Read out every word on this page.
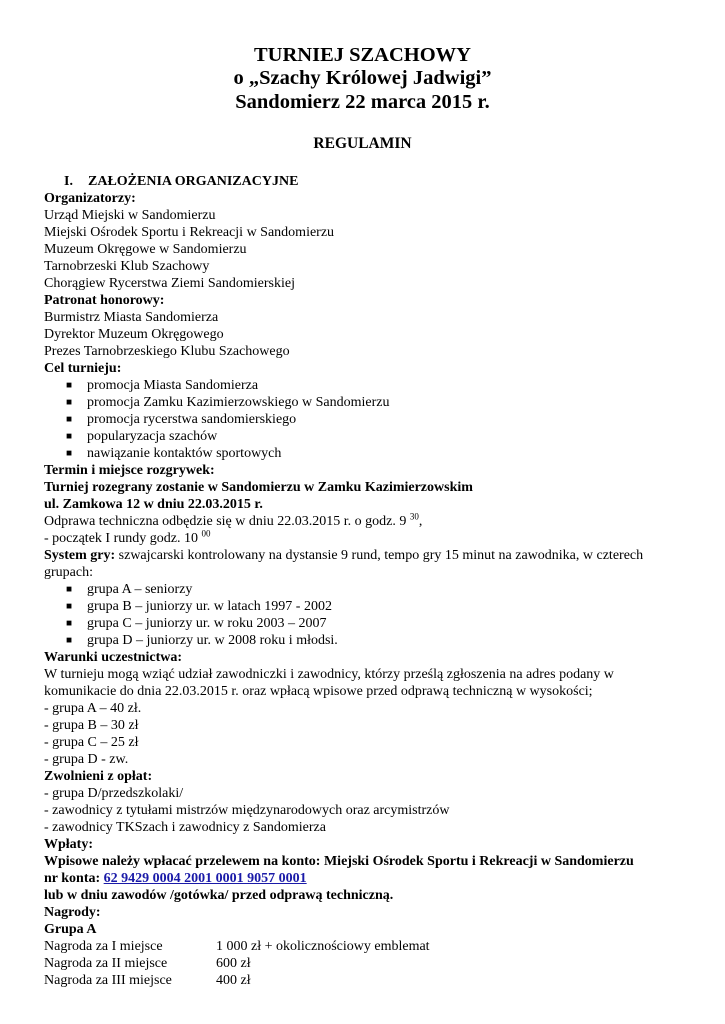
TURNIEJ SZACHOWY
o „Szachy Królowej Jadwigi”
Sandomierz 22 marca 2015 r.
REGULAMIN
I. ZAŁOŻENIA ORGANIZACYJNE
Organizatorzy:
Urząd Miejski w Sandomierzu
Miejski Ośrodek Sportu i Rekreacji w Sandomierzu
Muzeum Okręgowe w Sandomierzu
Tarnobrzeski Klub Szachowy
Chorągiew Rycerstwa Ziemi Sandomierskiej
Patronat honorowy:
Burmistrz Miasta Sandomierza
Dyrektor Muzeum Okręgowego
Prezes Tarnobrzeskiego Klubu Szachowego
Cel turnieju:
■ promocja Miasta Sandomierza
■ promocja Zamku Kazimierzowskiego w Sandomierzu
■ promocja rycerstwa sandomierskiego
■ popularyzacja szachów
■ nawiązanie kontaktów sportowych
Termin i miejsce rozgrywek:
Turniej rozegrany zostanie w Sandomierzu w Zamku Kazimierzowskim
ul. Zamkowa 12 w dniu 22.03.2015 r.
Odprawa techniczna odbędzie się w dniu 22.03.2015 r. o godz. 9 $^{30}$,
- początek I rundy godz. 10 $^{00}$
System gry: szwajcarski kontrolowany na dystansie 9 rund, tempo gry 15 minut na zawodnika, w czterech
grupach:
■ grupa A – seniorzy
■ grupa B – juniorzy ur. w latach 1997 - 2002
■ grupa C – juniorzy ur. w roku 2003 – 2007
■ grupa D – juniorzy ur. w 2008 roku i młodsi.
Warunki uczestnictwa:
W turnieju mogą wziąć udział zawodniczki i zawodnicy, którzy prześlą zgłoszenia na adres podany w
komunikacie do dnia 22.03.2015 r. oraz wpłacą wpisowe przed odprawą techniczną w wysokości;
- grupa A – 40 zł.
- grupa B – 30 zł
- grupa C – 25 zł
- grupa D - zw.
Zwolnieni z opłat:
- grupa D/przedszkolaki/
- zawodnicy z tytułami mistrzów międzynarodowych oraz arcymistrzów
- zawodnicy TKSzach i zawodnicy z Sandomierza
Wpłaty:
Wpisowe należy wpłacać przelewem na konto: Miejski Ośrodek Sportu i Rekreacji w Sandomierzu
nr konta: 62 9429 0004 2001 0001 9057 0001
lub w dniu zawodów /gotówka/ przed odprawą techniczną.
Nagrody:
Grupa A
Nagroda za I miejsce	1 000 zł + okolicznościowy emblemat
Nagroda za II miejsce	600 zł
Nagroda za III miejsce	400 zł
